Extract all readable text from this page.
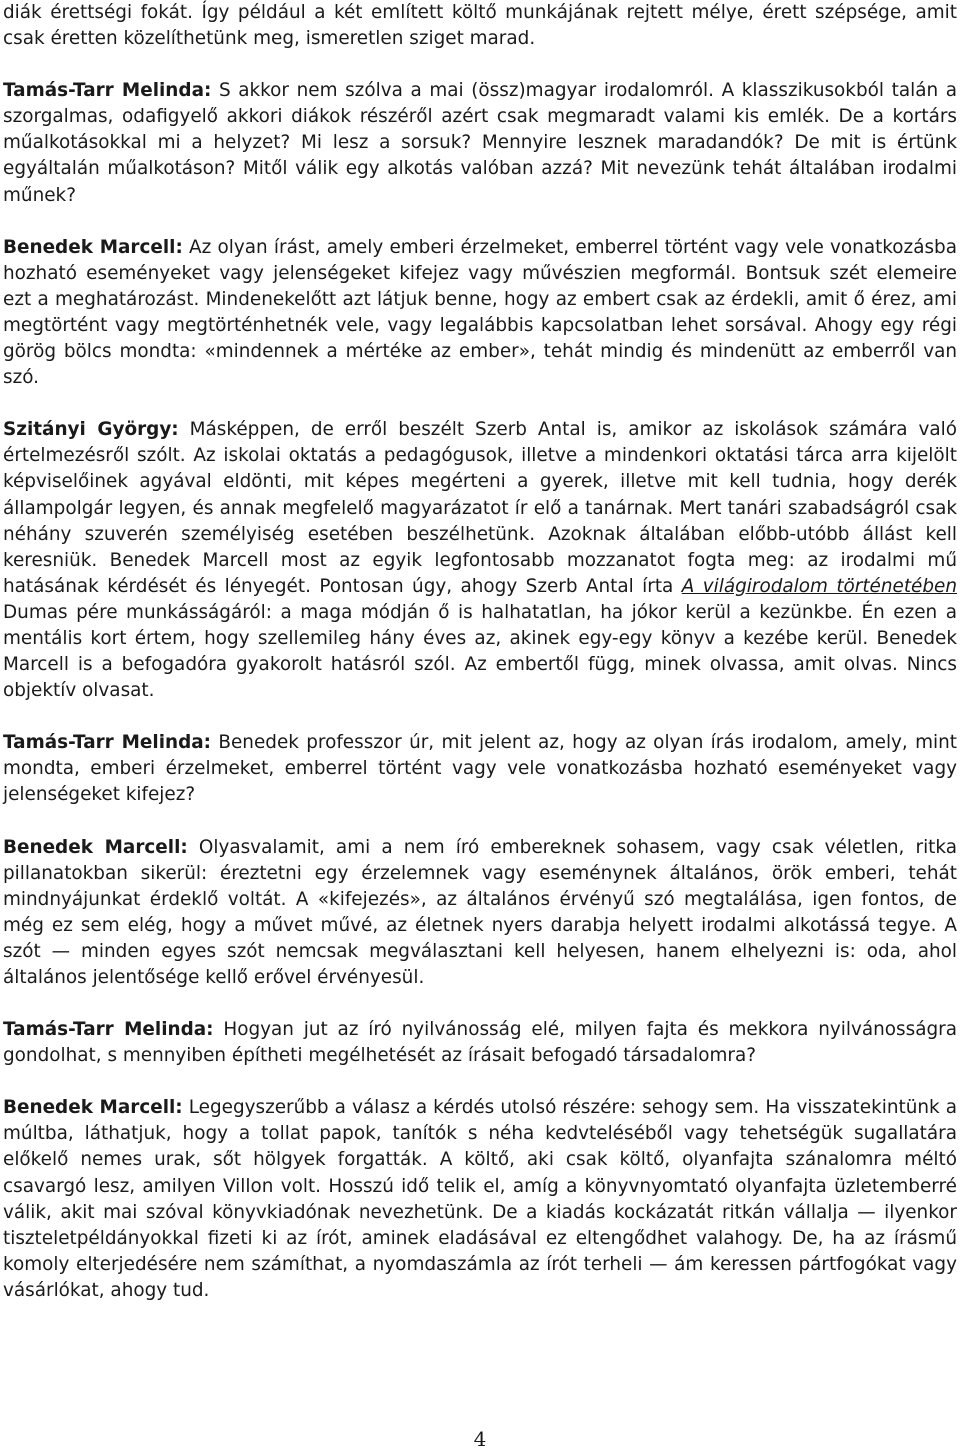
diák érettségi fokát. Így például a két említett költő munkájának rejtett mélye, érett szépsége, amit csak éretten közelíthetünk meg, ismeretlen sziget marad.

Tamás-Tarr Melinda: S akkor nem szólva a mai (össz)magyar irodalomról. A klasszikusokból talán a szorgalmas, odafigyelő akkori diákok részéről azért csak megmaradt valami kis emlék. De a kortárs műalkotásokkal mi a helyzet? Mi lesz a sorsuk? Mennyire lesznek maradandók? De mit is értünk egyáltalán műalkotáson? Mitől válik egy alkotás valóban azzá? Mit nevezünk tehát általában irodalmi műnek?

Benedek Marcell: Az olyan írást, amely emberi érzelmeket, emberrel történt vagy vele vonatkozásba hozható eseményeket vagy jelenségeket kifejez vagy művészien megformál. Bontsuk szét elemeire ezt a meghatározást. Mindenekelőtt azt látjuk benne, hogy az embert csak az érdekli, amit ő érez, ami megtörtént vagy megtörténhetnék vele, vagy legalábbis kapcsolatban lehet sorsával. Ahogy egy régi görög bölcs mondta: «mindennek a mértéke az ember», tehát mindig és mindenütt az emberről van szó.

Szitányi György: Másképpen, de erről beszélt Szerb Antal is, amikor az iskolások számára való értelmezésről szólt. Az iskolai oktatás a pedagógusok, illetve a mindenkori oktatási tárca arra kijelölt képviselőinek agyával eldönti, mit képes megérteni a gyerek, illetve mit kell tudnia, hogy derék állampolgár legyen, és annak megfelelő magyarázatot ír elő a tanárnak. Mert tanári szabadságról csak néhány szuverén személyiség esetében beszélhetünk. Azoknak általában előbb-utóbb állást kell keresniük. Benedek Marcell most az egyik legfontosabb mozzanatot fogta meg: az irodalmi mű hatásának kérdését és lényegét. Pontosan úgy, ahogy Szerb Antal írta A világirodalom történetében Dumas pére munkásságáról: a maga módján ő is halhatatlan, ha jókor kerül a kezünkbe. Én ezen a mentális kort értem, hogy szellemileg hány éves az, akinek egy-egy könyv a kezébe kerül. Benedek Marcell is a befogadóra gyakorolt hatásról szól. Az embertől függ, minek olvassa, amit olvas. Nincs objektív olvasat.

Tamás-Tarr Melinda: Benedek professzor úr, mit jelent az, hogy az olyan írás irodalom, amely, mint mondta, emberi érzelmeket, emberrel történt vagy vele vonatkozásba hozható eseményeket vagy jelenségeket kifejez?

Benedek Marcell: Olyasvalamit, ami a nem író embereknek sohasem, vagy csak véletlen, ritka pillanatokban sikerül: éreztetni egy érzelemnek vagy eseménynek általános, örök emberi, tehát mindnyájunkat érdeklő voltát. A «kifejezés», az általános érvényű szó megtalálása, igen fontos, de még ez sem elég, hogy a művet művé, az életnek nyers darabja helyett irodalmi alkotássá tegye. A szót — minden egyes szót nemcsak megválasztani kell helyesen, hanem elhelyezni is: oda, ahol általános jelentősége kellő erővel érvényesül.

Tamás-Tarr Melinda: Hogyan jut az író nyilvánosság elé, milyen fajta és mekkora nyilvánosságra gondolhat, s mennyiben építheti megélhetését az írásait befogadó társadalomra?

Benedek Marcell: Legegyszerűbb a válasz a kérdés utolsó részére: sehogy sem. Ha visszatekintünk a múltba, láthatjuk, hogy a tollat papok, tanítók s néha kedvteléséből vagy tehetségük sugallatára előkelő nemes urak, sőt hölgyek forgatták. A költő, aki csak költő, olyanfajta szánalomra méltó csavargó lesz, amilyen Villon volt. Hosszú idő telik el, amíg a könyvnyomtató olyanfajta üzletemberré válik, akit mai szóval könyvkiadónak nevezhetünk. De a kiadás kockázatát ritkán vállalja — ilyenkor tiszteletpéldányokkal fizeti ki az írót, aminek eladásával ez eltengődhet valahogy. De, ha az írásmű komoly elterjedésére nem számíthat, a nyomdaszámla az írót terheli — ám keressen pártfogókat vagy vásárlókat, ahogy tud.

4
